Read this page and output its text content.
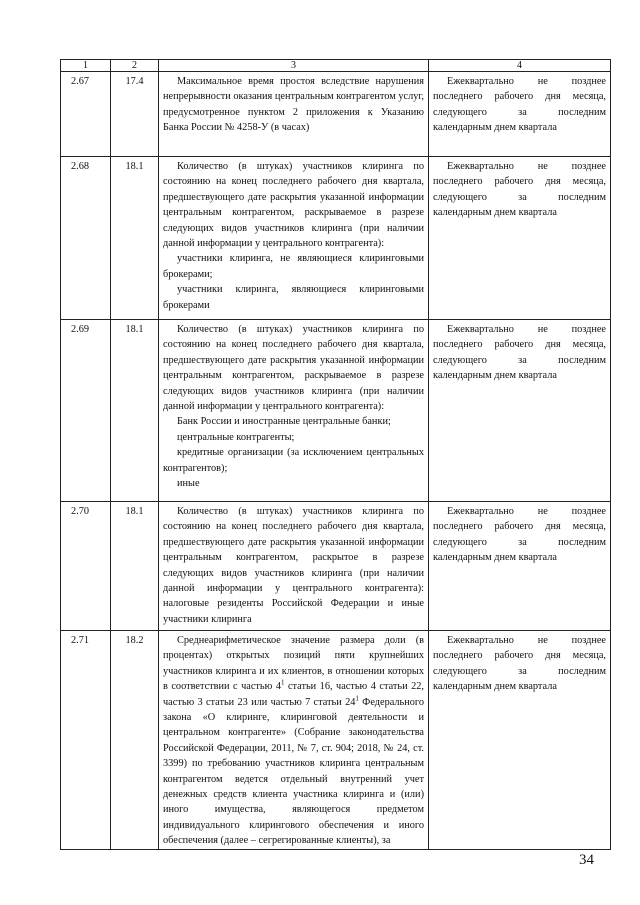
1	2	3	4
2.67	17.4	Максимальное время простоя вследствие нарушения непрерывности оказания центральным контрагентом услуг, предусмотренное пунктом 2 приложения к Указанию Банка России № 4258-У (в часах)	Ежеквартально не позднее последнего рабочего дня месяца, следующего за последним календарным днем квартала

2.68	18.1	Количество (в штуках) участников клиринга по состоянию на конец последнего рабочего дня квартала, предшествующего дате раскрытия указанной информации центральным контрагентом, раскрываемое в разрезе следующих видов участников клиринга (при наличии данной информации у центрального контрагента):

участники клиринга, не являющиеся клиринговыми брокерами;

участники клиринга, являющиеся клиринговыми брокерами	Ежеквартально не позднее последнего рабочего дня месяца, следующего за последним календарным днем квартала

2.69	18.1	Количество (в штуках) участников клиринга по состоянию на конец последнего рабочего дня квартала, предшествующего дате раскрытия указанной информации центральным контрагентом, раскрываемое в разрезе следующих видов участников клиринга (при наличии данной информации у центрального контрагента):

Банк России и иностранные центральные банки;

центральные контрагенты;

кредитные организации (за исключением центральных контрагентов);

иные	Ежеквартально не позднее последнего рабочего дня месяца, следующего за последним календарным днем квартала

2.70	18.1	Количество (в штуках) участников клиринга по состоянию на конец последнего рабочего дня квартала, предшествующего дате раскрытия указанной информации центральным контрагентом, раскрытое в разрезе следующих видов участников клиринга (при наличии данной информации у центрального контрагента): налоговые резиденты Российской Федерации и иные участники клиринга	Ежеквартально не позднее последнего рабочего дня месяца, следующего за последним календарным днем квартала

2.71	18.2	Среднеарифметическое значение размера доли (в процентах) открытых позиций пяти крупнейших участников клиринга и их клиентов, в отношении которых в соответствии с частью $4^1$ статьи 16, частью 4 статьи 22, частью 3 статьи 23 или частью 7 статьи $24^1$ Федерального закона «О клиринге, клиринговой деятельности и центральном контрагенте» (Собрание законодательства Российской Федерации, 2011, № 7, ст. 904; 2018, № 24, ст. 3399) по требованию участников клиринга центральным контрагентом ведется отдельный внутренний учет денежных средств клиента участника клиринга и (или) иного имущества, являющегося предметом индивидуального клирингового обеспечения и иного обеспечения (далее – сегрегированные клиенты), за	Ежеквартально не позднее последнего рабочего дня месяца, следующего за последним календарным днем квартала

34
